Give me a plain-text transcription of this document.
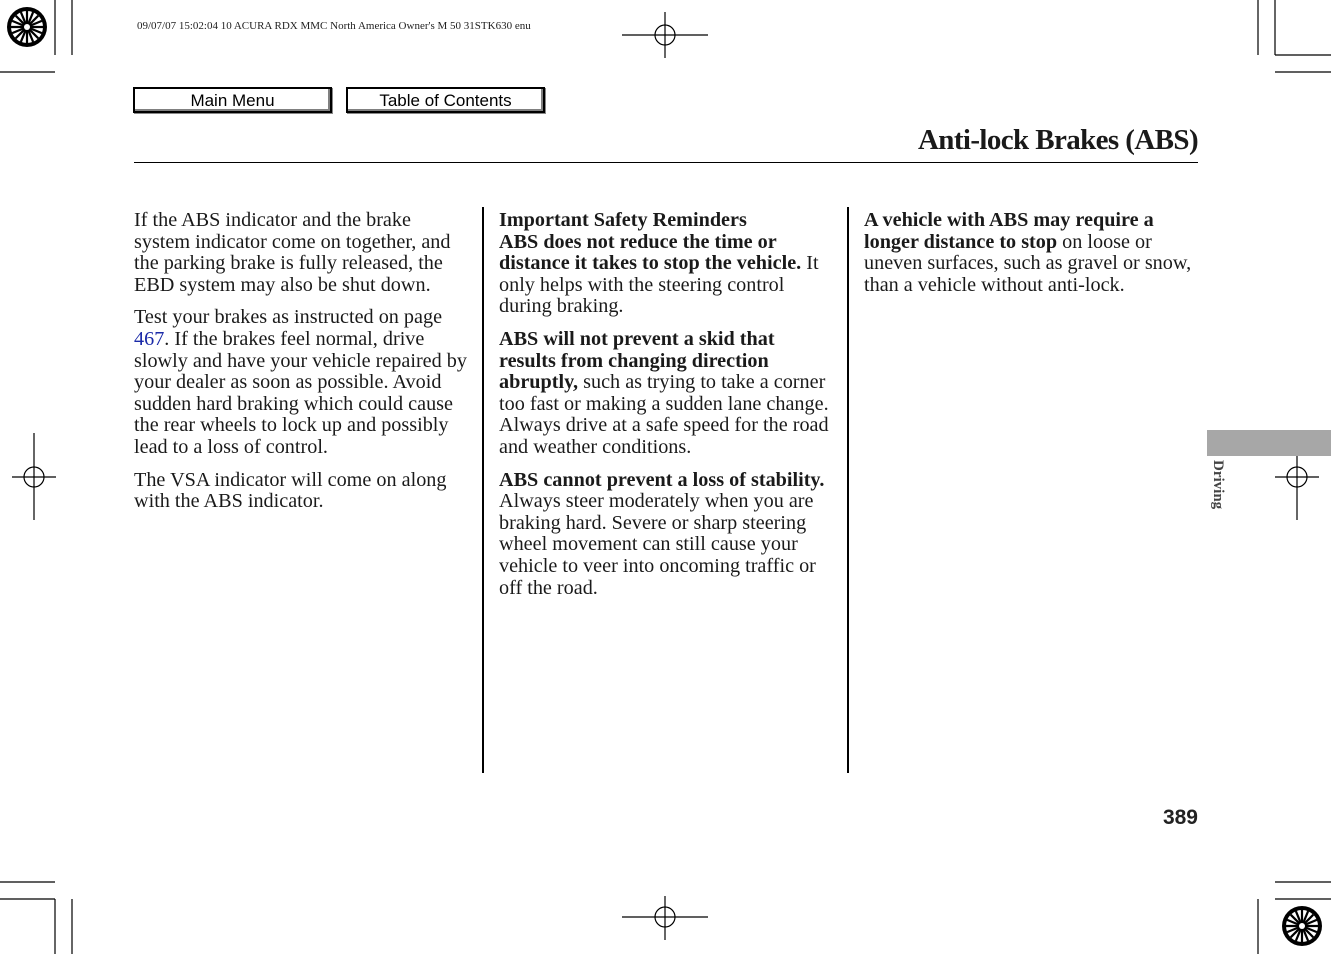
09/07/07 15:02:04 10 ACURA RDX MMC North America Owner's M 50 31STK630 enu
Main Menu	Table of Contents
Anti-lock Brakes (ABS)

If the ABS indicator and the brake system indicator come on together, and the parking brake is fully released, the EBD system may also be shut down.

Test your brakes as instructed on page 467. If the brakes feel normal, drive slowly and have your vehicle repaired by your dealer as soon as possible. Avoid sudden hard braking which could cause the rear wheels to lock up and possibly lead to a loss of control.

The VSA indicator will come on along with the ABS indicator.

Important Safety Reminders
ABS does not reduce the time or distance it takes to stop the vehicle. It only helps with the steering control during braking.

ABS will not prevent a skid that results from changing direction abruptly, such as trying to take a corner too fast or making a sudden lane change. Always drive at a safe speed for the road and weather conditions.

ABS cannot prevent a loss of stability. Always steer moderately when you are braking hard. Severe or sharp steering wheel movement can still cause your vehicle to veer into oncoming traffic or off the road.

A vehicle with ABS may require a longer distance to stop on loose or uneven surfaces, such as gravel or snow, than a vehicle without anti-lock.

Driving
389
